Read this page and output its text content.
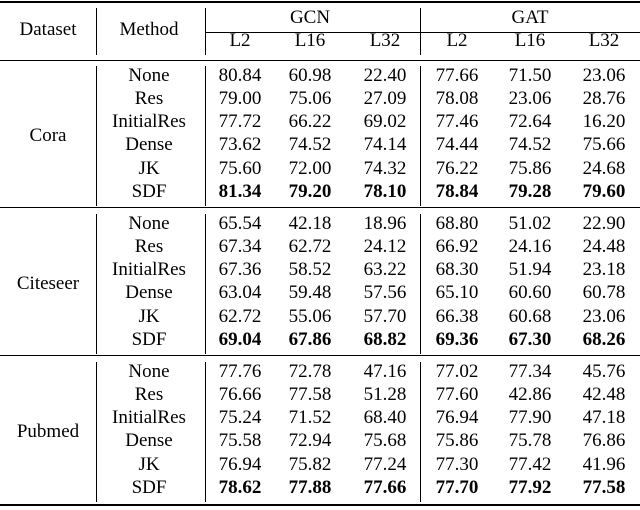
Dataset Method
GCN	GAT
L2 L16 L32 L2 L16 L32
Cora
None	80.84 60.98 22.40 77.66 71.50 23.06
Res	79.00 75.06 27.09 78.08 23.06 28.76
InitialRes 77.72 66.22 69.02 77.46 72.64 16.20
Dense 73.62 74.52 74.14 74.44 74.52 75.66
JK	75.60 72.00 74.32 76.22 75.86 24.68
SDF	81.34 79.20 78.10 78.84 79.28 79.60
Citeseer
None	65.54 42.18 18.96 68.80 51.02 22.90
Res	67.34 62.72 24.12 66.92 24.16 24.48
InitialRes 67.36 58.52 63.22 68.30 51.94 23.18
Dense 63.04 59.48 57.56 65.10 60.60 60.78
JK	62.72 55.06 57.70 66.38 60.68 23.06
SDF	69.04 67.86 68.82 69.36 67.30 68.26
Pubmed
None	77.76 72.78 47.16 77.02 77.34 45.76
Res	76.66 77.58 51.28 77.60 42.86 42.48
InitialRes 75.24 71.52 68.40 76.94 77.90 47.18
Dense 75.58 72.94 75.68 75.86 75.78 76.86
JK	76.94 75.82 77.24 77.30 77.42 41.96
SDF	78.62 77.88 77.66 77.70 77.92 77.58
